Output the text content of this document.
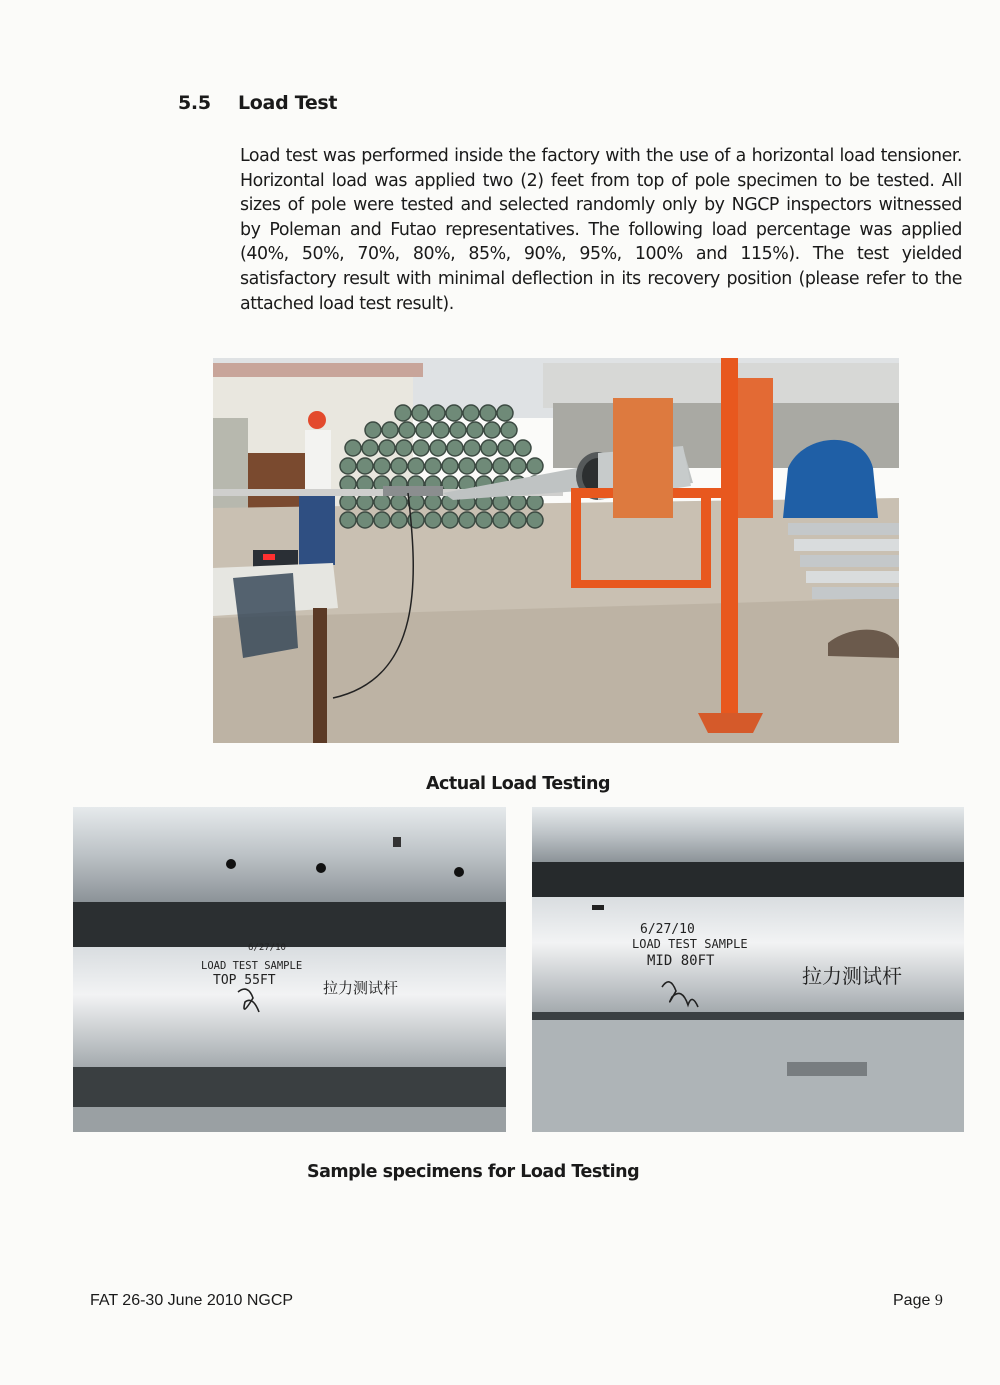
5.5 Load Test
Load test was performed inside the factory with the use of a horizontal load tensioner. Horizontal load was applied two (2) feet from top of pole specimen to be tested. All sizes of pole were tested and selected randomly only by NGCP inspectors witnessed by Poleman and Futao representatives. The following load percentage was applied (40%, 50%, 70%, 80%, 85%, 90%, 95%, 100% and 115%). The test yielded satisfactory result with minimal deflection in its recovery position (please refer to the attached load test result).
Actual Load Testing
6/27/10
LOAD TEST SAMPLE
TOP 55FT	拉力测试杆
6/27/10
LOAD TEST SAMPLE
MID 80FT
拉力测试杆
Sample specimens for Load Testing
FAT 26-30 June 2010 NGCP	Page 9
